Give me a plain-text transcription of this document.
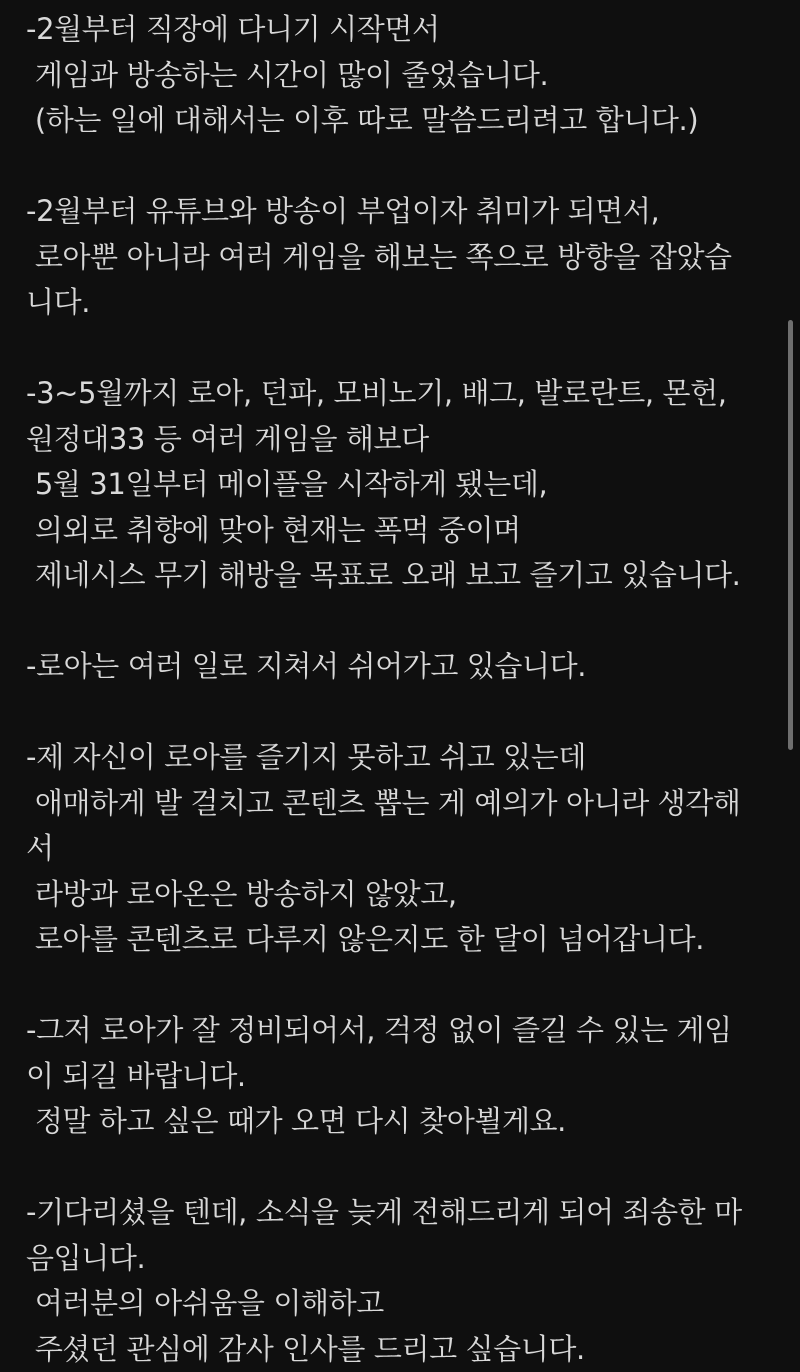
-2월부터 직장에 다니기 시작면서
게임과 방송하는 시간이 많이 줄었습니다.
(하는 일에 대해서는 이후 따로 말씀드리려고 합니다.)
-2월부터 유튜브와 방송이 부업이자 취미가 되면서,
로아뿐 아니라 여러 게임을 해보는 쪽으로 방향을 잡았습
니다.
-3~5월까지 로아, 던파, 모비노기, 배그, 발로란트, 몬헌,
원정대33 등 여러 게임을 해보다
5월 31일부터 메이플을 시작하게 됐는데,
의외로 취향에 맞아 현재는 폭먹 중이며
제네시스 무기 해방을 목표로 오래 보고 즐기고 있습니다.
-로아는 여러 일로 지쳐서 쉬어가고 있습니다.
-제 자신이 로아를 즐기지 못하고 쉬고 있는데
애매하게 발 걸치고 콘텐츠 뽑는 게 예의가 아니라 생각해
서
라방과 로아온은 방송하지 않았고,
로아를 콘텐츠로 다루지 않은지도 한 달이 넘어갑니다.
-그저 로아가 잘 정비되어서, 걱정 없이 즐길 수 있는 게임
이 되길 바랍니다.
정말 하고 싶은 때가 오면 다시 찾아뵐게요.
-기다리셨을 텐데, 소식을 늦게 전해드리게 되어 죄송한 마
음입니다.
여러분의 아쉬움을 이해하고
주셨던 관심에 감사 인사를 드리고 싶습니다.
